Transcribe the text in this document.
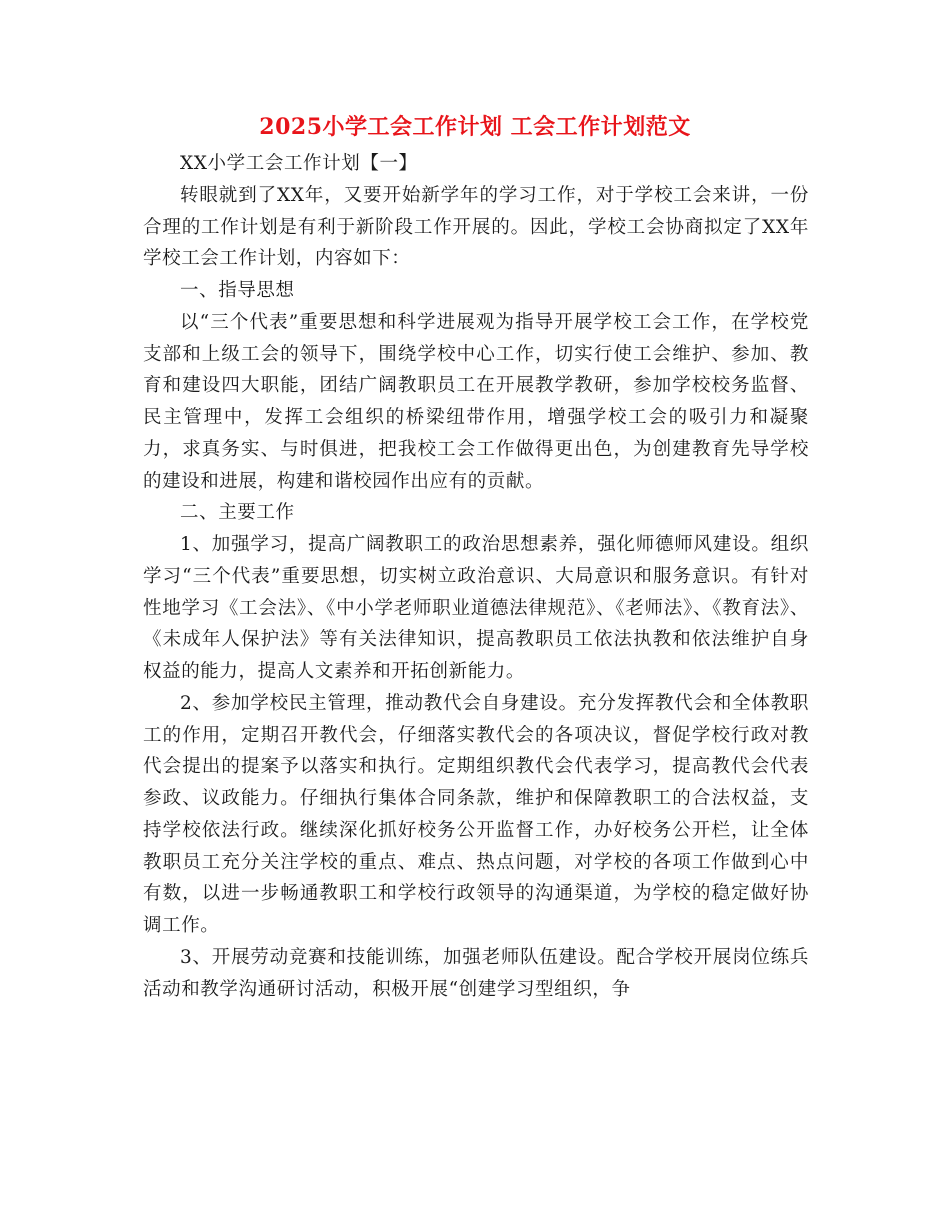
2025小学工会工作计划 工会工作计划范文

XX小学工会工作计划【一】

转眼就到了XX年，又要开始新学年的学习工作，对于学校工会来讲，一份合理的工作计划是有利于新阶段工作开展的。因此，学校工会协商拟定了XX年学校工会工作计划，内容如下：

一、指导思想

以“三个代表”重要思想和科学进展观为指导开展学校工会工作，在学校党支部和上级工会的领导下，围绕学校中心工作，切实行使工会维护、参加、教育和建设四大职能，团结广阔教职员工在开展教学教研，参加学校校务监督、民主管理中，发挥工会组织的桥梁纽带作用，增强学校工会的吸引力和凝聚力，求真务实、与时俱进，把我校工会工作做得更出色，为创建教育先导学校的建设和进展，构建和谐校园作出应有的贡献。

二、主要工作

1、加强学习，提高广阔教职工的政治思想素养，强化师德师风建设。组织学习“三个代表”重要思想，切实树立政治意识、大局意识和服务意识。有针对性地学习《工会法》、《中小学老师职业道德法律规范》、《老师法》、《教育法》、《未成年人保护法》等有关法律知识，提高教职员工依法执教和依法维护自身权益的能力，提高人文素养和开拓创新能力。

2、参加学校民主管理，推动教代会自身建设。充分发挥教代会和全体教职工的作用，定期召开教代会，仔细落实教代会的各项决议，督促学校行政对教代会提出的提案予以落实和执行。定期组织教代会代表学习，提高教代会代表参政、议政能力。仔细执行集体合同条款，维护和保障教职工的合法权益，支持学校依法行政。继续深化抓好校务公开监督工作，办好校务公开栏，让全体教职员工充分关注学校的重点、难点、热点问题，对学校的各项工作做到心中有数，以进一步畅通教职工和学校行政领导的沟通渠道，为学校的稳定做好协调工作。

3、开展劳动竞赛和技能训练，加强老师队伍建设。配合学校开展岗位练兵活动和教学沟通研讨活动，积极开展“创建学习型组织，争
